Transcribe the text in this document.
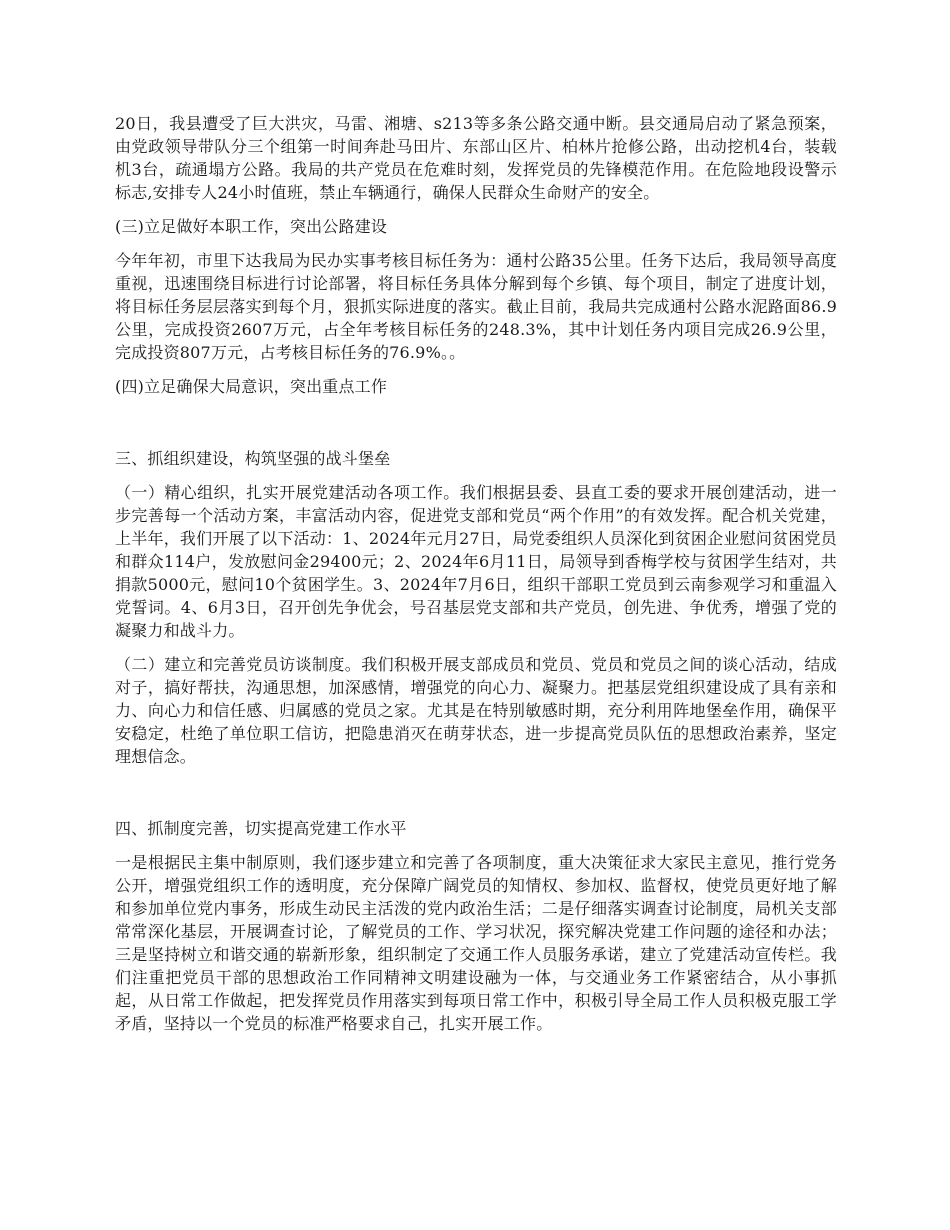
20日，我县遭受了巨大洪灾，马雷、湘塘、s213等多条公路交通中断。县交通局启动了紧急预案，由党政领导带队分三个组第一时间奔赴马田片、东部山区片、柏林片抢修公路，出动挖机4台，装载机3台，疏通塌方公路。我局的共产党员在危难时刻，发挥党员的先锋模范作用。在危险地段设警示标志,安排专人24小时值班，禁止车辆通行，确保人民群众生命财产的安全。

(三)立足做好本职工作，突出公路建设

今年年初，市里下达我局为民办实事考核目标任务为：通村公路35公里。任务下达后，我局领导高度重视，迅速围绕目标进行讨论部署，将目标任务具体分解到每个乡镇、每个项目，制定了进度计划，将目标任务层层落实到每个月，狠抓实际进度的落实。截止目前，我局共完成通村公路水泥路面86.9公里，完成投资2607万元，占全年考核目标任务的248.3%，其中计划任务内项目完成26.9公里，完成投资807万元，占考核目标任务的76.9%。。

(四)立足确保大局意识，突出重点工作

三、抓组织建设，构筑坚强的战斗堡垒

（一）精心组织，扎实开展党建活动各项工作。我们根据县委、县直工委的要求开展创建活动，进一步完善每一个活动方案，丰富活动内容，促进党支部和党员“两个作用”的有效发挥。配合机关党建，上半年，我们开展了以下活动：1、2024年元月27日，局党委组织人员深化到贫困企业慰问贫困党员和群众114户，发放慰问金29400元；2、2024年6月11日，局领导到香梅学校与贫困学生结对，共捐款5000元，慰问10个贫困学生。3、2024年7月6日，组织干部职工党员到云南参观学习和重温入党誓词。4、6月3日，召开创先争优会，号召基层党支部和共产党员，创先进、争优秀，增强了党的凝聚力和战斗力。

（二）建立和完善党员访谈制度。我们积极开展支部成员和党员、党员和党员之间的谈心活动，结成对子，搞好帮扶，沟通思想，加深感情，增强党的向心力、凝聚力。把基层党组织建设成了具有亲和力、向心力和信任感、归属感的党员之家。尤其是在特别敏感时期，充分利用阵地堡垒作用，确保平安稳定，杜绝了单位职工信访，把隐患消灭在萌芽状态，进一步提高党员队伍的思想政治素养，坚定理想信念。

四、抓制度完善，切实提高党建工作水平

一是根据民主集中制原则，我们逐步建立和完善了各项制度，重大决策征求大家民主意见，推行党务公开，增强党组织工作的透明度，充分保障广阔党员的知情权、参加权、监督权，使党员更好地了解和参加单位党内事务，形成生动民主活泼的党内政治生活；二是仔细落实调查讨论制度，局机关支部常常深化基层，开展调查讨论，了解党员的工作、学习状况，探究解决党建工作问题的途径和办法；三是坚持树立和谐交通的崭新形象，组织制定了交通工作人员服务承诺，建立了党建活动宣传栏。我们注重把党员干部的思想政治工作同精神文明建设融为一体，与交通业务工作紧密结合，从小事抓起，从日常工作做起，把发挥党员作用落实到每项日常工作中，积极引导全局工作人员积极克服工学矛盾，坚持以一个党员的标准严格要求自己，扎实开展工作。
